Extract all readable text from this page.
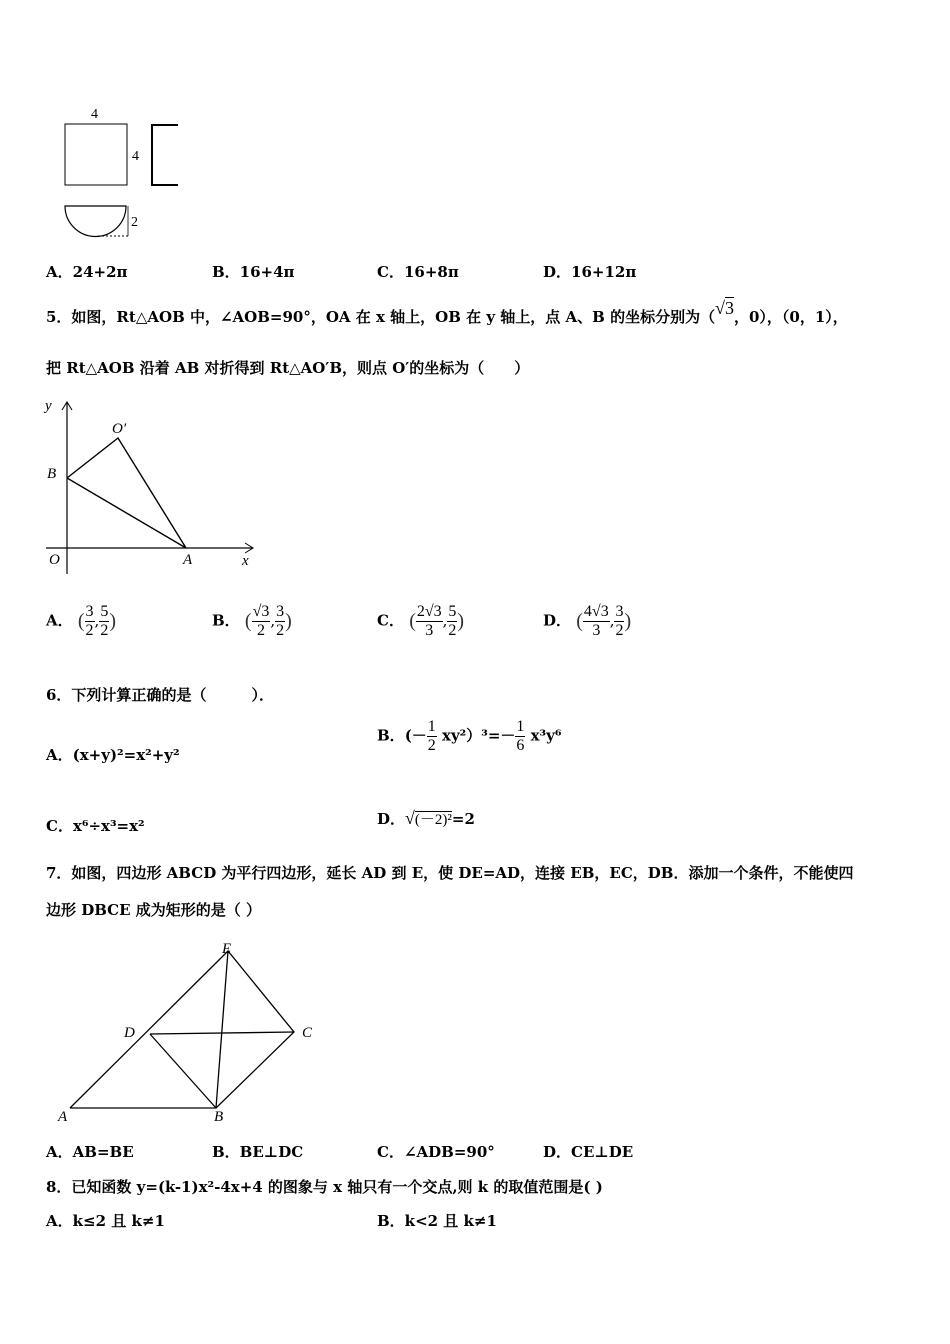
4
4
2
A．24+2π	B．16+4π	C．16+8π	D．16+12π
5．如图，Rt△AOB 中，∠AOB=90°，OA 在 x 轴上，OB 在 y 轴上，点 A、B 的坐标分别为（√3，0），（0，1），
把 Rt△AOB 沿着 AB 对折得到 Rt△AO′B，则点 O′的坐标为（　　）
y
x
O	A
B
O′
A． ( $\frac{3}{2}$ , $\frac{5}{2}$ )	B． ( $\frac{√3}{2}$ , $\frac{3}{2}$ )	C． ( $\frac{2√3}{3}$ , $\frac{5}{2}$ )	D． ( $\frac{4√3}{3}$ , $\frac{3}{2}$ )
6．下列计算正确的是（　　　）．
A．(x+y)²=x²+y²
B．(－ $\frac{1}{2} xy^2)^3=- \frac{1}{6} x^3y^6$
C．x⁶÷x³=x²	D．√(－2)²=2
7．如图，四边形 ABCD 为平行四边形，延长 AD 到 E，使 DE=AD，连接 EB，EC，DB．添加一个条件，不能使四
边形 DBCE 成为矩形的是（ ）
A	B
C
D
E
A．AB=BE	B．BE⊥DC	C．∠ADB=90°	D．CE⊥DE
8．已知函数 y=(k-1)x²-4x+4 的图象与 x 轴只有一个交点,则 k 的取值范围是( )
A．k≤2 且 k≠1	B．k<2 且 k≠1
